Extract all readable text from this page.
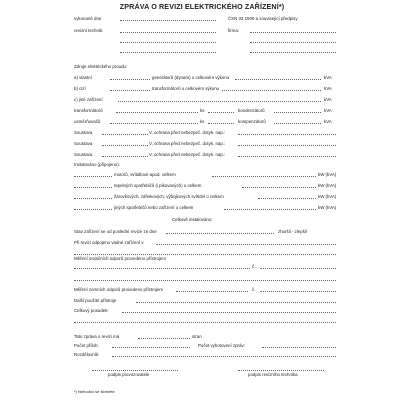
ZPRÁVA O REVIZI ELEKTRICKÉHO ZAŘÍZENÍ*)
vykonané dne	ČSN 33 1500 a související předpisy
revizní technik:	firma:
Zdroje elektrického proudu:
a) vlastní	generátorů (dynam) o celkovém výkonu	kVA
b) cizí	transformátorů o celkovém výkonu	kVA
c) jiné zařízení	kVA
transformátorů	ks	kondenzátorů	kVA
usměrňovačů	ks	kompenzátorů	kVA
Soustava	V, ochrana před nebezpeč. dotyk. nap.:
Soustava	V, ochrana před nebezpeč. dotyk. nap.:
Soustava	V, ochrana před nebezpeč. dotyk. nap.:
Instalováno (připojeno):
motorů, svítidlové apod. celkem	kW (kVA)
tepelných spotřebičů (i pikovaných) o celkem	kW (kVA)
žárovkových, zářivkových, výbojkových svítidel o celkem	kW (kVA)
jiných spotřebičů nebo zařízení o celkem	kW (kVA)
Celkově instalováno:
Stav zařízení se od poslední revize ze dne	zhoršil - zlepšil
Při revizi odpojeno vadné zařízení v
Měření izolačních odporů provedeno přístrojem
č.
Měření zemních odporů provedeno přístrojem	č.
Další použité přístroje
Celkový posudek:
Tato zpráva o revizi má	stran
Počet příloh:	Počet vyhotovení zpráv:
Rozdělovník:
podpis provozovatele	podpis revizního technika
*) Nehodící se škrtněte
